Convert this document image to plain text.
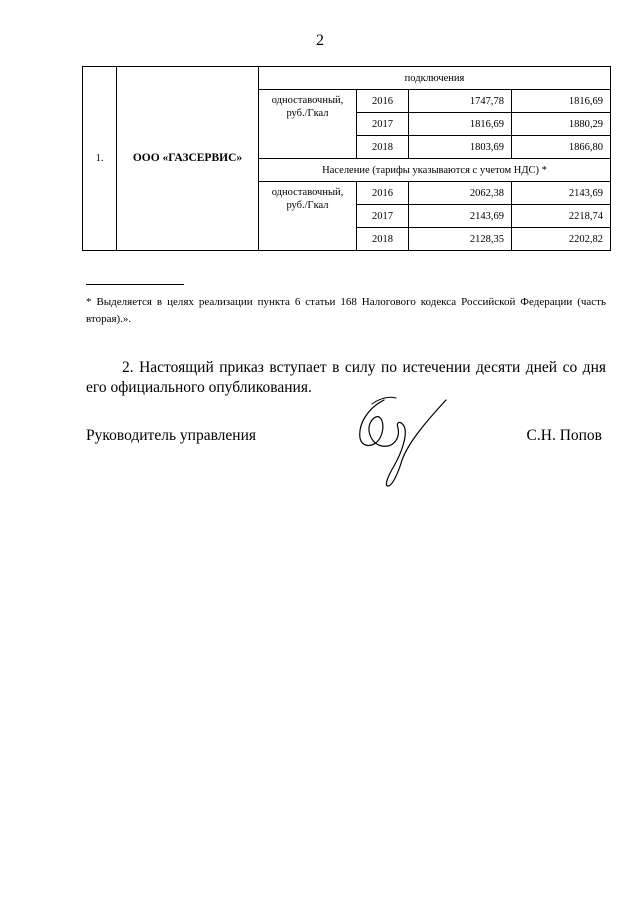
2
1.	ООО «ГАЗСЕРВИС»	подключения			
		одноставочный, руб./Гкал	2016	1747,78	1816,69
			2017	1816,69	1880,29
			2018	1803,69	1866,80
		Население (тарифы указываются с учетом НДС) *			
		одноставочный, руб./Гкал	2016	2062,38	2143,69
			2017	2143,69	2218,74
			2018	2128,35	2202,82
* Выделяется в целях реализации пункта 6 статьи 168 Налогового кодекса Российской Федерации (часть вторая).».
2. Настоящий приказ вступает в силу по истечении десяти дней со дня его официального опубликования.
Руководитель управления	С.Н. Попов
